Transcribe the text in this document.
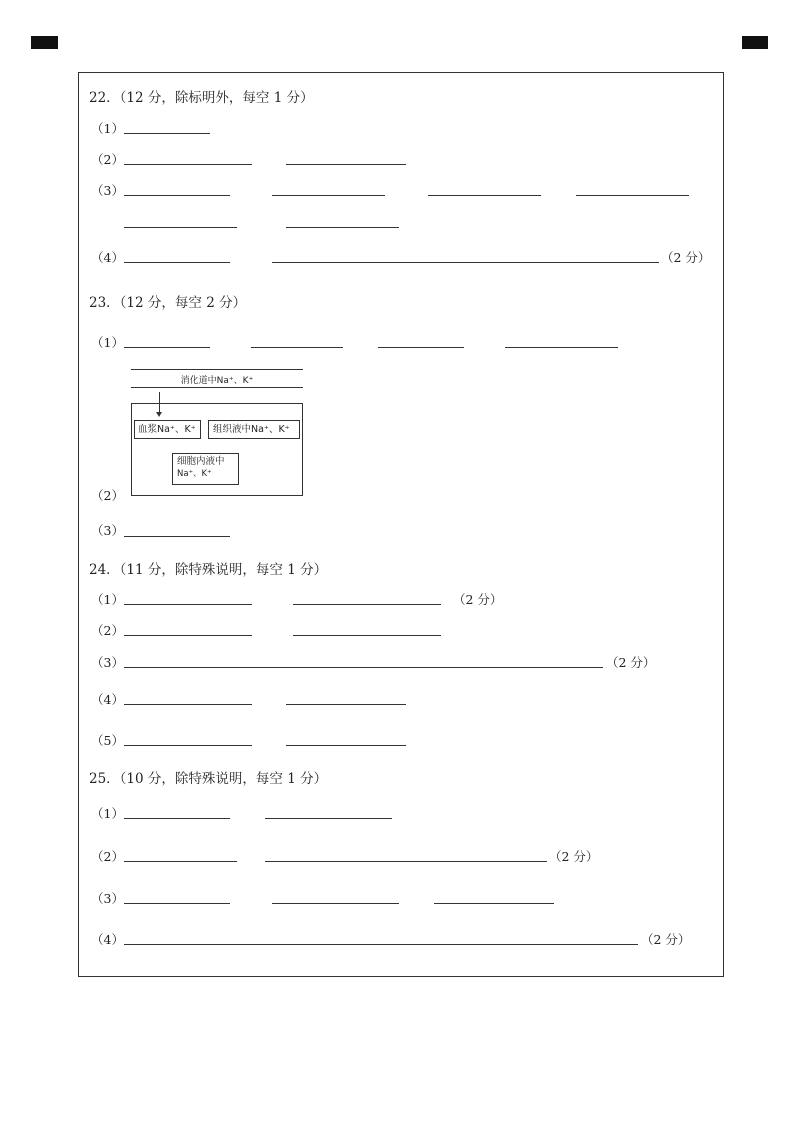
22．（12 分，除标明外，每空 1 分）
（1）
（2）
（3）
（4）	（2 分）
23．（12 分，每空 2 分）
（1）
消化道中Na⁺、K⁺
血浆Na⁺、K⁺	组织液中Na⁺、K⁺
细胞内液中
Na⁺、K⁺
（2）
（3）
24．（11 分，除特殊说明，每空 1 分）
（1）	（2 分）
（2）
（3）	（2 分）
（4）
（5）
25．（10 分，除特殊说明，每空 1 分）
（1）
（2）	（2 分）
（3）
（4）	（2 分）
